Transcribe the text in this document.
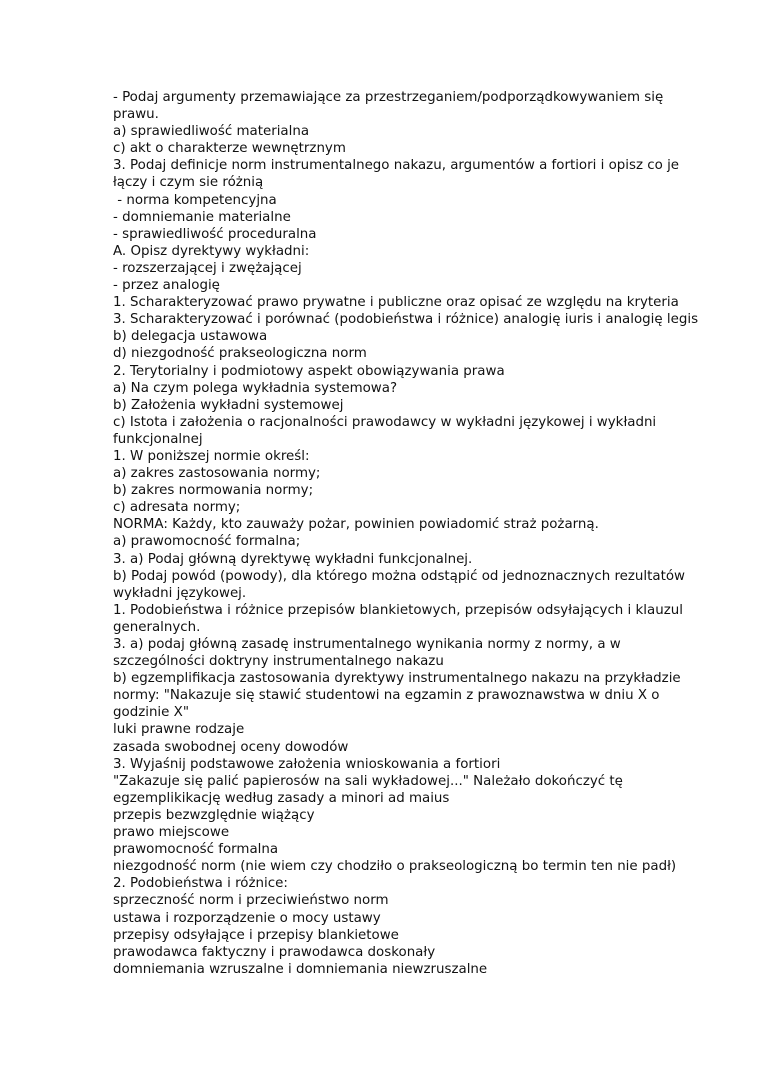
- Podaj argumenty przemawiające za przestrzeganiem/podporządkowywaniem się prawu.
a) sprawiedliwość materialna
c) akt o charakterze wewnętrznym
3. Podaj definicje norm instrumentalnego nakazu, argumentów a fortiori i opisz co je łączy i czym sie różnią
- norma kompetencyjna
- domniemanie materialne
- sprawiedliwość proceduralna
A. Opisz dyrektywy wykładni:
- rozszerzającej i zwężającej
- przez analogię
1. Scharakteryzować prawo prywatne i publiczne oraz opisać ze względu na kryteria
3. Scharakteryzować i porównać (podobieństwa i różnice) analogię iuris i analogię legis
b) delegacja ustawowa
d) niezgodność prakseologiczna norm
2. Terytorialny i podmiotowy aspekt obowiązywania prawa
a) Na czym polega wykładnia systemowa?
b) Założenia wykładni systemowej
c) Istota i założenia o racjonalności prawodawcy w wykładni językowej i wykładni funkcjonalnej
1. W poniższej normie określ:
a) zakres zastosowania normy;
b) zakres normowania normy;
c) adresata normy;
NORMA: Każdy, kto zauważy pożar, powinien powiadomić straż pożarną.
a) prawomocność formalna;
3. a) Podaj główną dyrektywę wykładni funkcjonalnej.
b) Podaj powód (powody), dla którego można odstąpić od jednoznacznych rezultatów wykładni językowej.
1. Podobieństwa i różnice przepisów blankietowych, przepisów odsyłających i klauzul generalnych.
3. a) podaj główną zasadę instrumentalnego wynikania normy z normy, a w szczególności doktryny instrumentalnego nakazu
b) egzemplifikacja zastosowania dyrektywy instrumentalnego nakazu na przykładzie normy: "Nakazuje się stawić studentowi na egzamin z prawoznawstwa w dniu X o godzinie X"
luki prawne rodzaje
zasada swobodnej oceny dowodów
3. Wyjaśnij podstawowe założenia wnioskowania a fortiori
"Zakazuje się palić papierosów na sali wykładowej..." Należało dokończyć tę egzemplikikację według zasady a minori ad maius
przepis bezwzględnie wiążący
prawo miejscowe
prawomocność formalna
niezgodność norm (nie wiem czy chodziło o prakseologiczną bo termin ten nie padł)
2. Podobieństwa i różnice:
sprzeczność norm i przeciwieństwo norm
ustawa i rozporządzenie o mocy ustawy
przepisy odsyłające i przepisy blankietowe
prawodawca faktyczny i prawodawca doskonały
domniemania wzruszalne i domniemania niewzruszalne
